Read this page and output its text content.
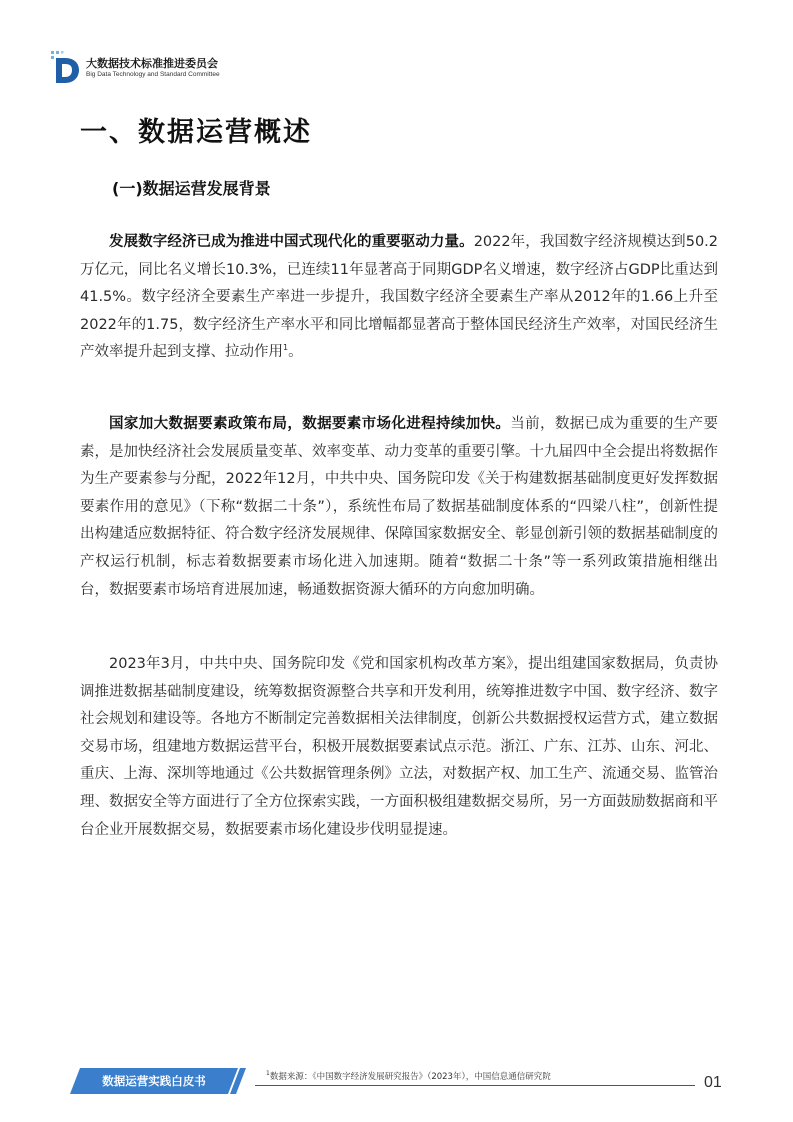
大数据技术标准推进委员会
Big Data Technology and Standard Committee
一、数据运营概述
(一)数据运营发展背景

发展数字经济已成为推进中国式现代化的重要驱动力量。2022年，我国数字经济规模达到50.2万亿元，同比名义增长10.3%，已连续11年显著高于同期GDP名义增速，数字经济占GDP比重达到41.5%。数字经济全要素生产率进一步提升，我国数字经济全要素生产率从2012年的1.66上升至2022年的1.75，数字经济生产率水平和同比增幅都显著高于整体国民经济生产效率，对国民经济生产效率提升起到支撑、拉动作用$^1$。

国家加大数据要素政策布局，数据要素市场化进程持续加快。当前，数据已成为重要的生产要素，是加快经济社会发展质量变革、效率变革、动力变革的重要引擎。十九届四中全会提出将数据作为生产要素参与分配，2022年12月，中共中央、国务院印发《关于构建数据基础制度更好发挥数据要素作用的意见》（下称“数据二十条”），系统性布局了数据基础制度体系的“四梁八柱”，创新性提出构建适应数据特征、符合数字经济发展规律、保障国家数据安全、彰显创新引领的数据基础制度的产权运行机制，标志着数据要素市场化进入加速期。随着“数据二十条”等一系列政策措施相继出台，数据要素市场培育进展加速，畅通数据资源大循环的方向愈加明确。

2023年3月，中共中央、国务院印发《党和国家机构改革方案》，提出组建国家数据局，负责协调推进数据基础制度建设，统筹数据资源整合共享和开发利用，统筹推进数字中国、数字经济、数字社会规划和建设等。各地方不断制定完善数据相关法律制度，创新公共数据授权运营方式，建立数据交易市场，组建地方数据运营平台，积极开展数据要素试点示范。浙江、广东、江苏、山东、河北、重庆、上海、深圳等地通过《公共数据管理条例》立法，对数据产权、加工生产、流通交易、监管治理、数据安全等方面进行了全方位探索实践，一方面积极组建数据交易所，另一方面鼓励数据商和平台企业开展数据交易，数据要素市场化建设步伐明显提速。

数据运营实践白皮书
$^1$数据来源：《中国数字经济发展研究报告》（2023年），中国信息通信研究院	01
